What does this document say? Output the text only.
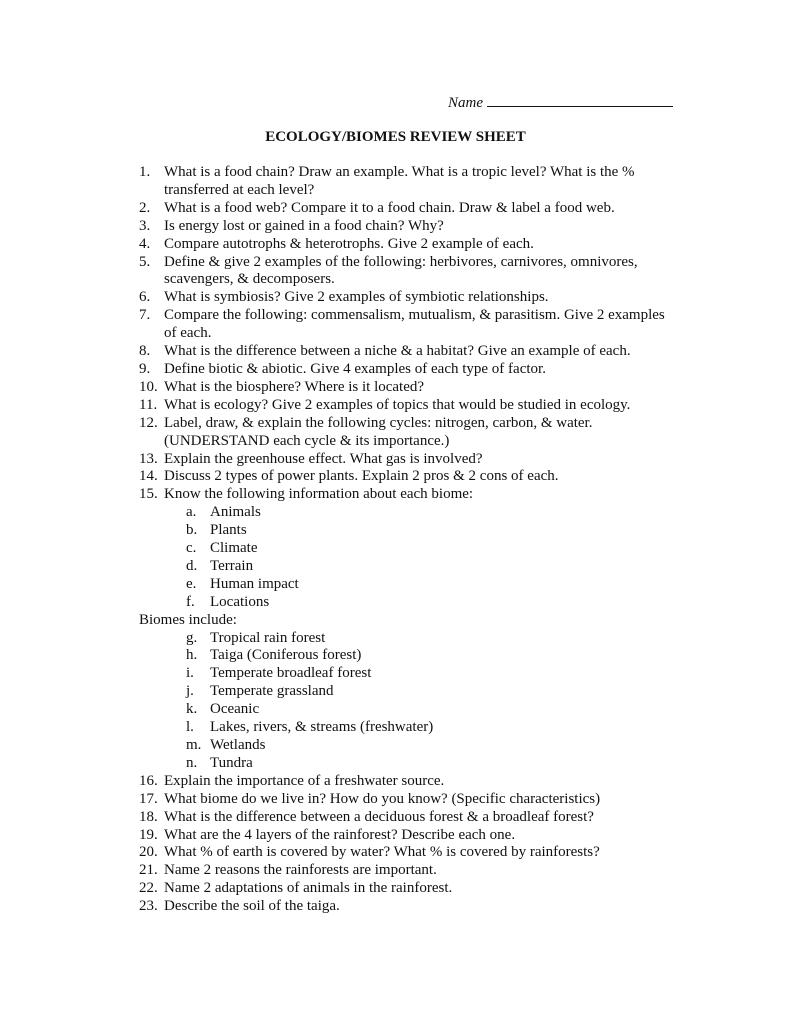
Name
ECOLOGY/BIOMES REVIEW SHEET
1. What is a food chain? Draw an example. What is a tropic level? What is the % transferred at each level?
2. What is a food web? Compare it to a food chain. Draw & label a food web.
3. Is energy lost or gained in a food chain? Why?
4. Compare autotrophs & heterotrophs. Give 2 example of each.
5. Define & give 2 examples of the following: herbivores, carnivores, omnivores, scavengers, & decomposers.
6. What is symbiosis? Give 2 examples of symbiotic relationships.
7. Compare the following: commensalism, mutualism, & parasitism. Give 2 examples of each.
8. What is the difference between a niche & a habitat? Give an example of each.
9. Define biotic & abiotic. Give 4 examples of each type of factor.
10. What is the biosphere? Where is it located?
11. What is ecology? Give 2 examples of topics that would be studied in ecology.
12. Label, draw, & explain the following cycles: nitrogen, carbon, & water. (UNDERSTAND each cycle & its importance.)
13. Explain the greenhouse effect. What gas is involved?
14. Discuss 2 types of power plants. Explain 2 pros & 2 cons of each.
15. Know the following information about each biome:
a. Animals
b. Plants
c. Climate
d. Terrain
e. Human impact
f. Locations
Biomes include:
g. Tropical rain forest
h. Taiga (Coniferous forest)
i. Temperate broadleaf forest
j. Temperate grassland
k. Oceanic
l. Lakes, rivers, & streams (freshwater)
m. Wetlands
n. Tundra
16. Explain the importance of a freshwater source.
17. What biome do we live in? How do you know? (Specific characteristics)
18. What is the difference between a deciduous forest & a broadleaf forest?
19. What are the 4 layers of the rainforest? Describe each one.
20. What % of earth is covered by water? What % is covered by rainforests?
21. Name 2 reasons the rainforests are important.
22. Name 2 adaptations of animals in the rainforest.
23. Describe the soil of the taiga.
